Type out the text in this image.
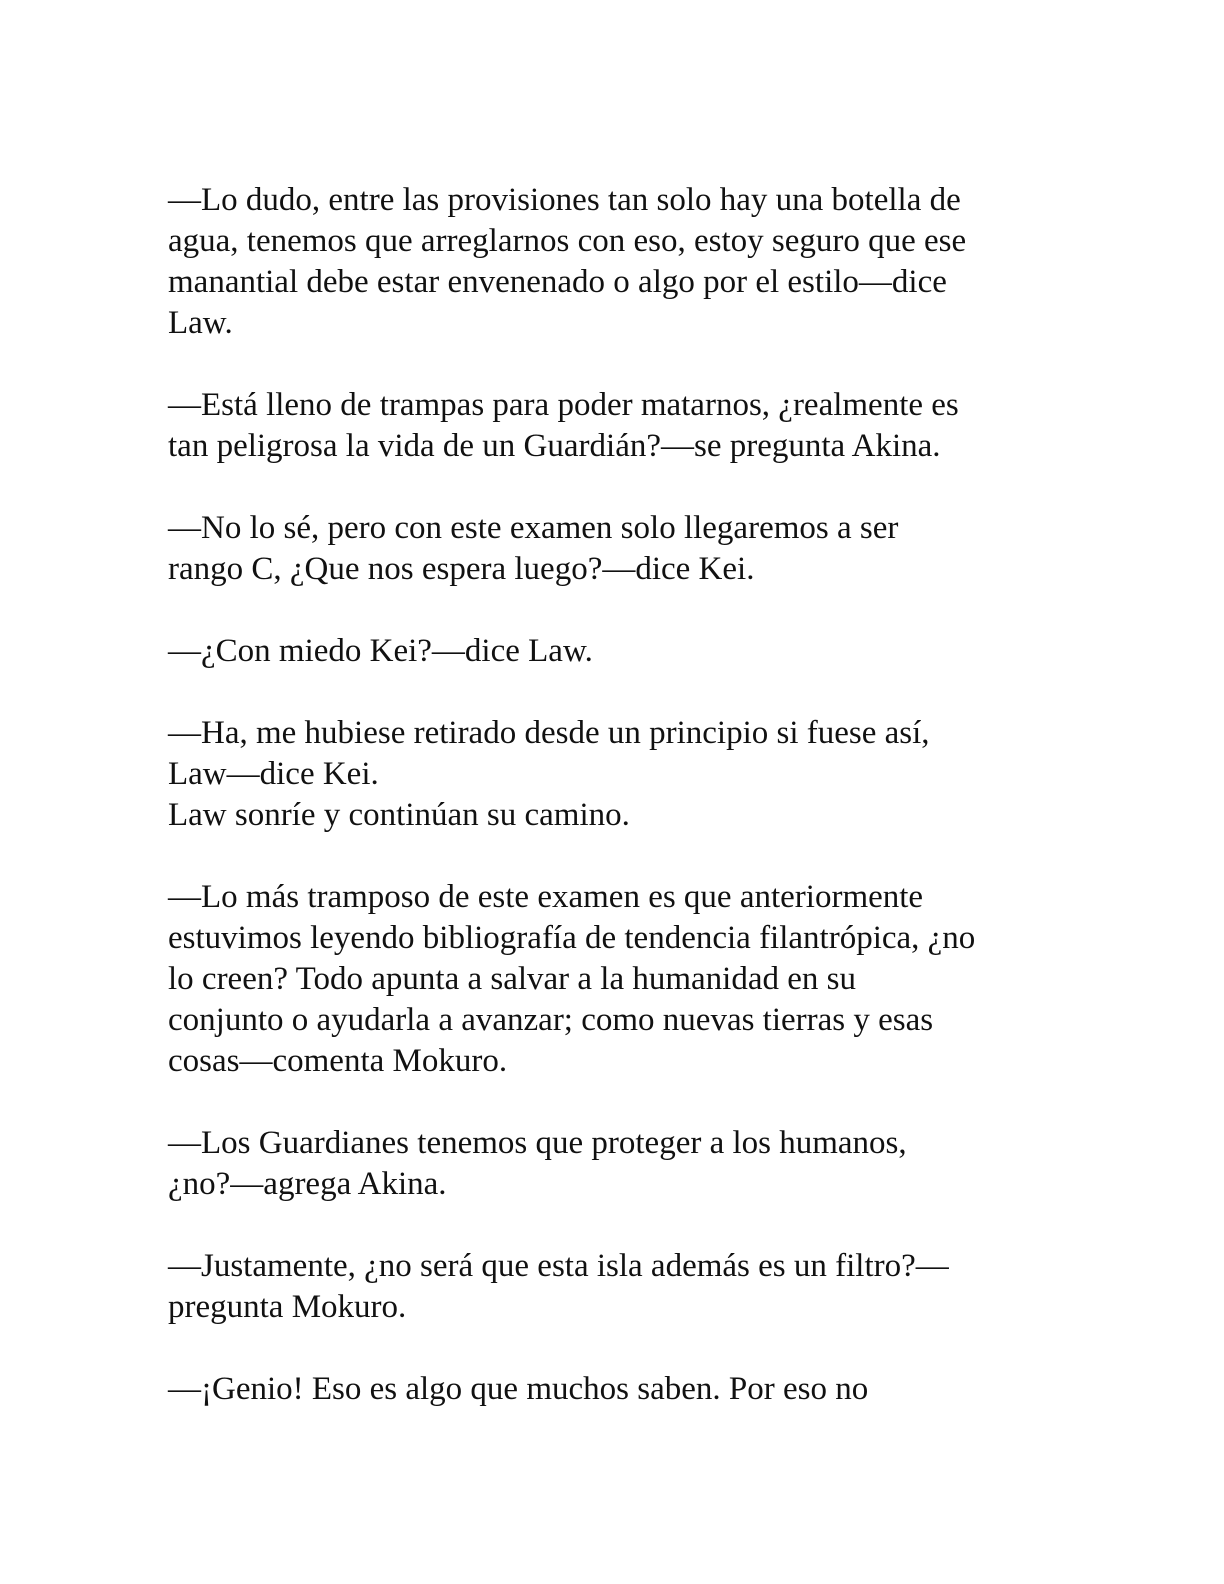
—Lo dudo, entre las provisiones tan solo hay una botella de
agua, tenemos que arreglarnos con eso, estoy seguro que ese
manantial debe estar envenenado o algo por el estilo—dice
Law.

—Está lleno de trampas para poder matarnos, ¿realmente es
tan peligrosa la vida de un Guardián?—se pregunta Akina.

—No lo sé, pero con este examen solo llegaremos a ser
rango C, ¿Que nos espera luego?—dice Kei.

—¿Con miedo Kei?—dice Law.

—Ha, me hubiese retirado desde un principio si fuese así,
Law—dice Kei.

Law sonríe y continúan su camino.

—Lo más tramposo de este examen es que anteriormente
estuvimos leyendo bibliografía de tendencia filantrópica, ¿no
lo creen? Todo apunta a salvar a la humanidad en su
conjunto o ayudarla a avanzar; como nuevas tierras y esas
cosas—comenta Mokuro.

—Los Guardianes tenemos que proteger a los humanos,
¿no?—agrega Akina.

—Justamente, ¿no será que esta isla además es un filtro?—
pregunta Mokuro.

—¡Genio! Eso es algo que muchos saben. Por eso no
